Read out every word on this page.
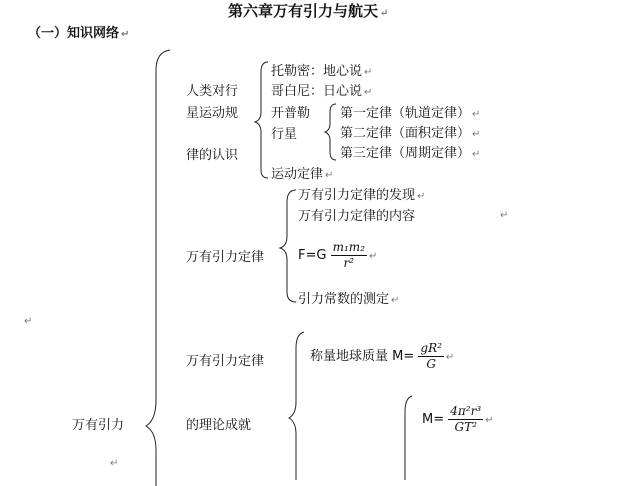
第六章万有引力与航天 ↵
（一）知识网络 ↵
人类对行
星运动规
律的认识
托勒密：地心说 ↵
哥白尼：日心说 ↵
开普勒
行星
第一定律（轨道定律） ↵
第二定律（面积定律） ↵
第三定律（周期定律） ↵
运动定律 ↵
万有引力定律
万有引力定律的发现 ↵
万有引力定律的内容	↵
$F=G \frac{\text{m₁m₂}}{\text{r²}}$ ↵
引力常数的测定 ↵
↵
万有引力定律
的理论成就
称量地球质量 $M= \frac{\text{gR²}}{G}$ ↵
$M= \frac{\text{4π²r³}}{\text{GT²}}$ ↵
万有引力
↵
